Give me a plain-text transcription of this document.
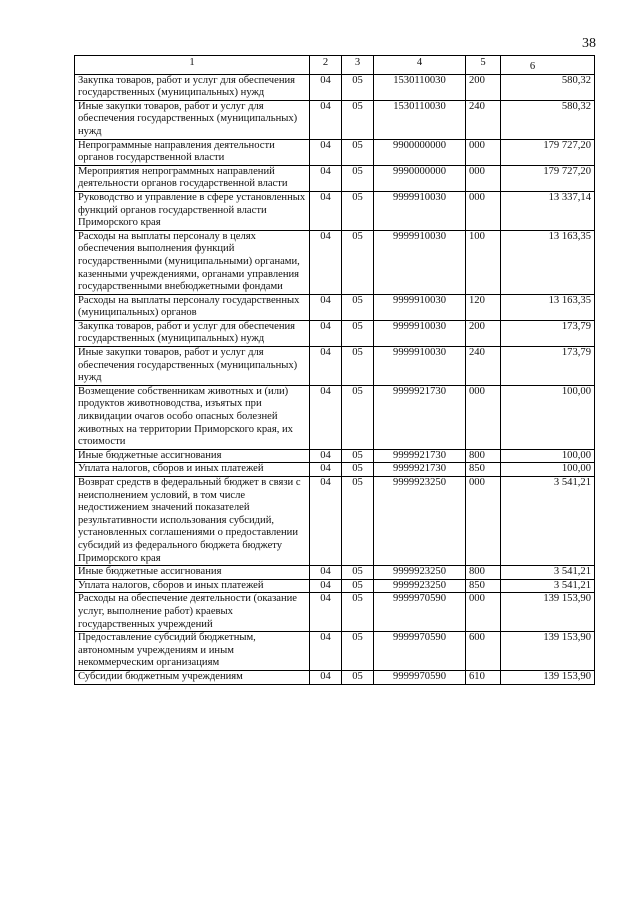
38
1	2	3	4	5	6

Закупка товаров, работ и услуг для обеспечения государственных (муниципальных) нужд	04	05	1530110030	200	580,32
Иные закупки товаров, работ и услуг для обеспечения государственных (муниципальных) нужд	04	05	1530110030	240	580,32
Непрограммные направления деятельности органов государственной власти	04	05	9900000000	000	179 727,20
Мероприятия непрограммных направлений деятельности органов государственной власти	04	05	9990000000	000	179 727,20
Руководство и управление в сфере установленных функций органов государственной власти Приморского края	04	05	9999910030	000	13 337,14
Расходы на выплаты персоналу в целях обеспечения выполнения функций государственными (муниципальными) органами, казенными учреждениями, органами управления государственными внебюджетными фондами	04	05	9999910030	100	13 163,35
Расходы на выплаты персоналу государственных (муниципальных) органов	04	05	9999910030	120	13 163,35
Закупка товаров, работ и услуг для обеспечения государственных (муниципальных) нужд	04	05	9999910030	200	173,79
Иные закупки товаров, работ и услуг для обеспечения государственных (муниципальных) нужд	04	05	9999910030	240	173,79
Возмещение собственникам животных и (или) продуктов животноводства, изъятых при ликвидации очагов особо опасных болезней животных на территории Приморского края, их стоимости	04	05	9999921730	000	100,00
Иные бюджетные ассигнования	04	05	9999921730	800	100,00
Уплата налогов, сборов и иных платежей	04	05	9999921730	850	100,00
Возврат средств в федеральный бюджет в связи с неисполнением условий, в том числе недостижением значений показателей результативности использования субсидий, установленных соглашениями о предоставлении субсидий из федерального бюджета бюджету Приморского края	04	05	9999923250	000	3 541,21
Иные бюджетные ассигнования	04	05	9999923250	800	3 541,21
Уплата налогов, сборов и иных платежей	04	05	9999923250	850	3 541,21
Расходы на обеспечение деятельности (оказание услуг, выполнение работ) краевых государственных учреждений	04	05	9999970590	000	139 153,90
Предоставление субсидий бюджетным, автономным учреждениям и иным некоммерческим организациям	04	05	9999970590	600	139 153,90
Субсидии бюджетным учреждениям	04	05	9999970590	610	139 153,90
